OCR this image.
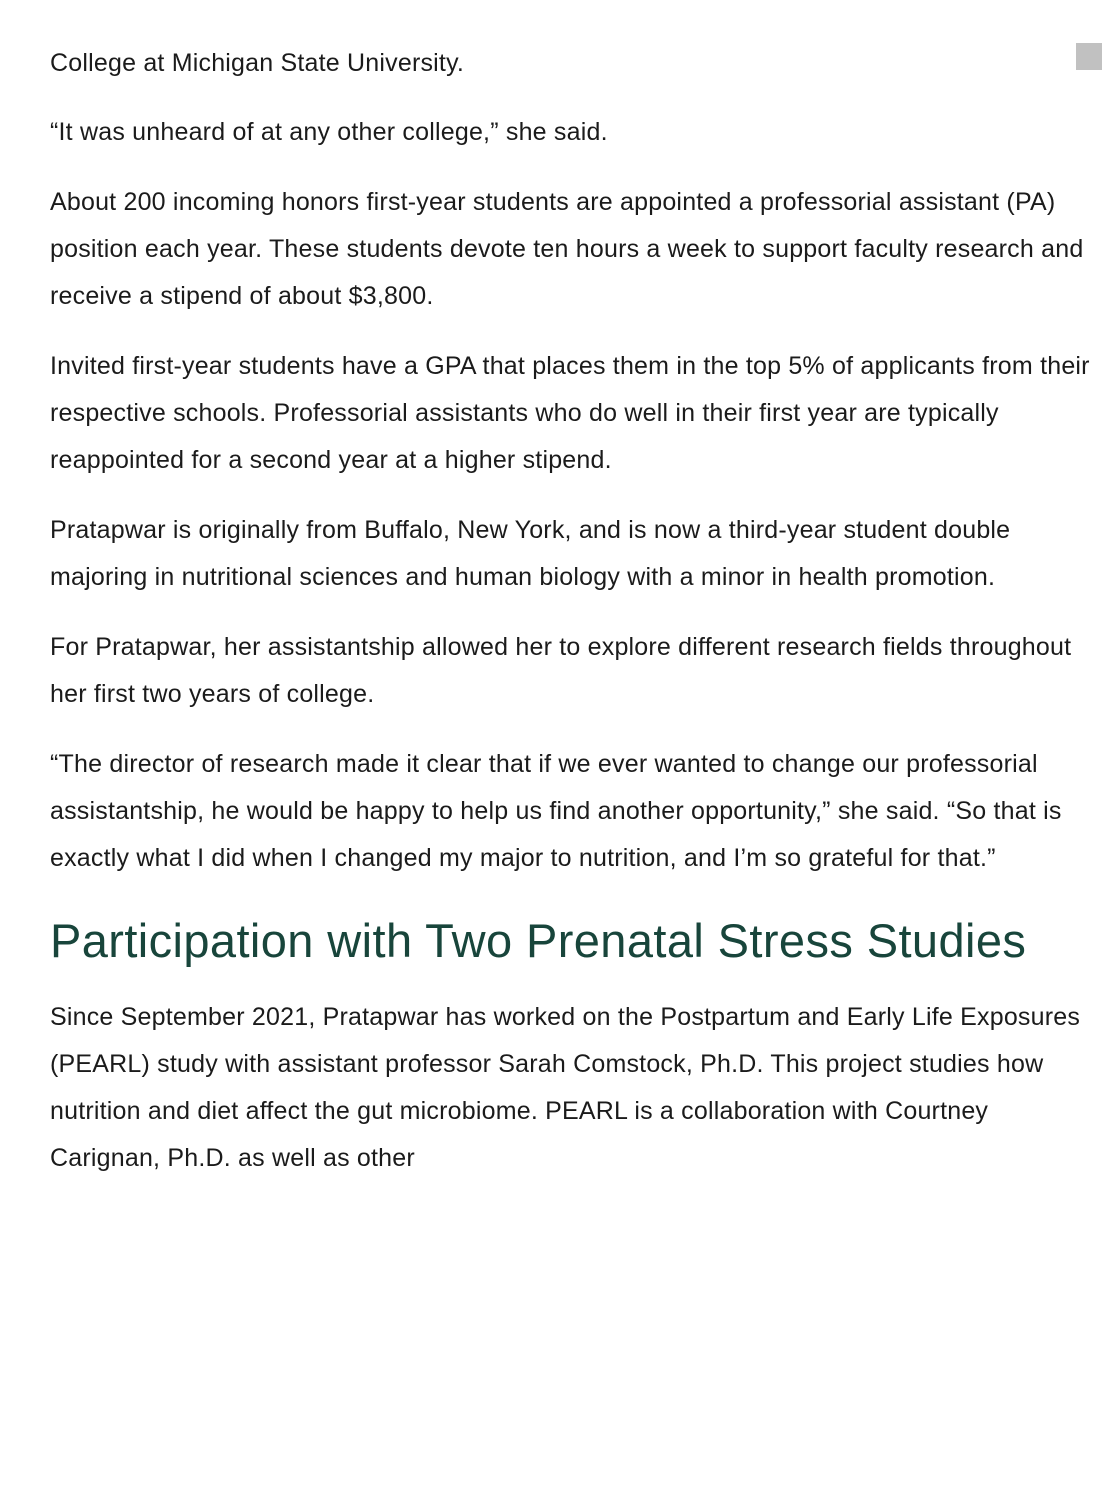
College at Michigan State University.

“It was unheard of at any other college,” she said.

About 200 incoming honors first-year students are appointed a professorial assistant (PA) position each year. These students devote ten hours a week to support faculty research and receive a stipend of about $3,800.

Invited first-year students have a GPA that places them in the top 5% of applicants from their respective schools. Professorial assistants who do well in their first year are typically reappointed for a second year at a higher stipend.

Pratapwar is originally from Buffalo, New York, and is now a third-year student double majoring in nutritional sciences and human biology with a minor in health promotion.

For Pratapwar, her assistantship allowed her to explore different research fields throughout her first two years of college.

“The director of research made it clear that if we ever wanted to change our professorial assistantship, he would be happy to help us find another opportunity,” she said. “So that is exactly what I did when I changed my major to nutrition, and I’m so grateful for that.”

Participation with Two Prenatal Stress Studies

Since September 2021, Pratapwar has worked on the Postpartum and Early Life Exposures (PEARL) study with assistant professor Sarah Comstock, Ph.D. This project studies how nutrition and diet affect the gut microbiome. PEARL is a collaboration with Courtney Carignan, Ph.D. as well as other
